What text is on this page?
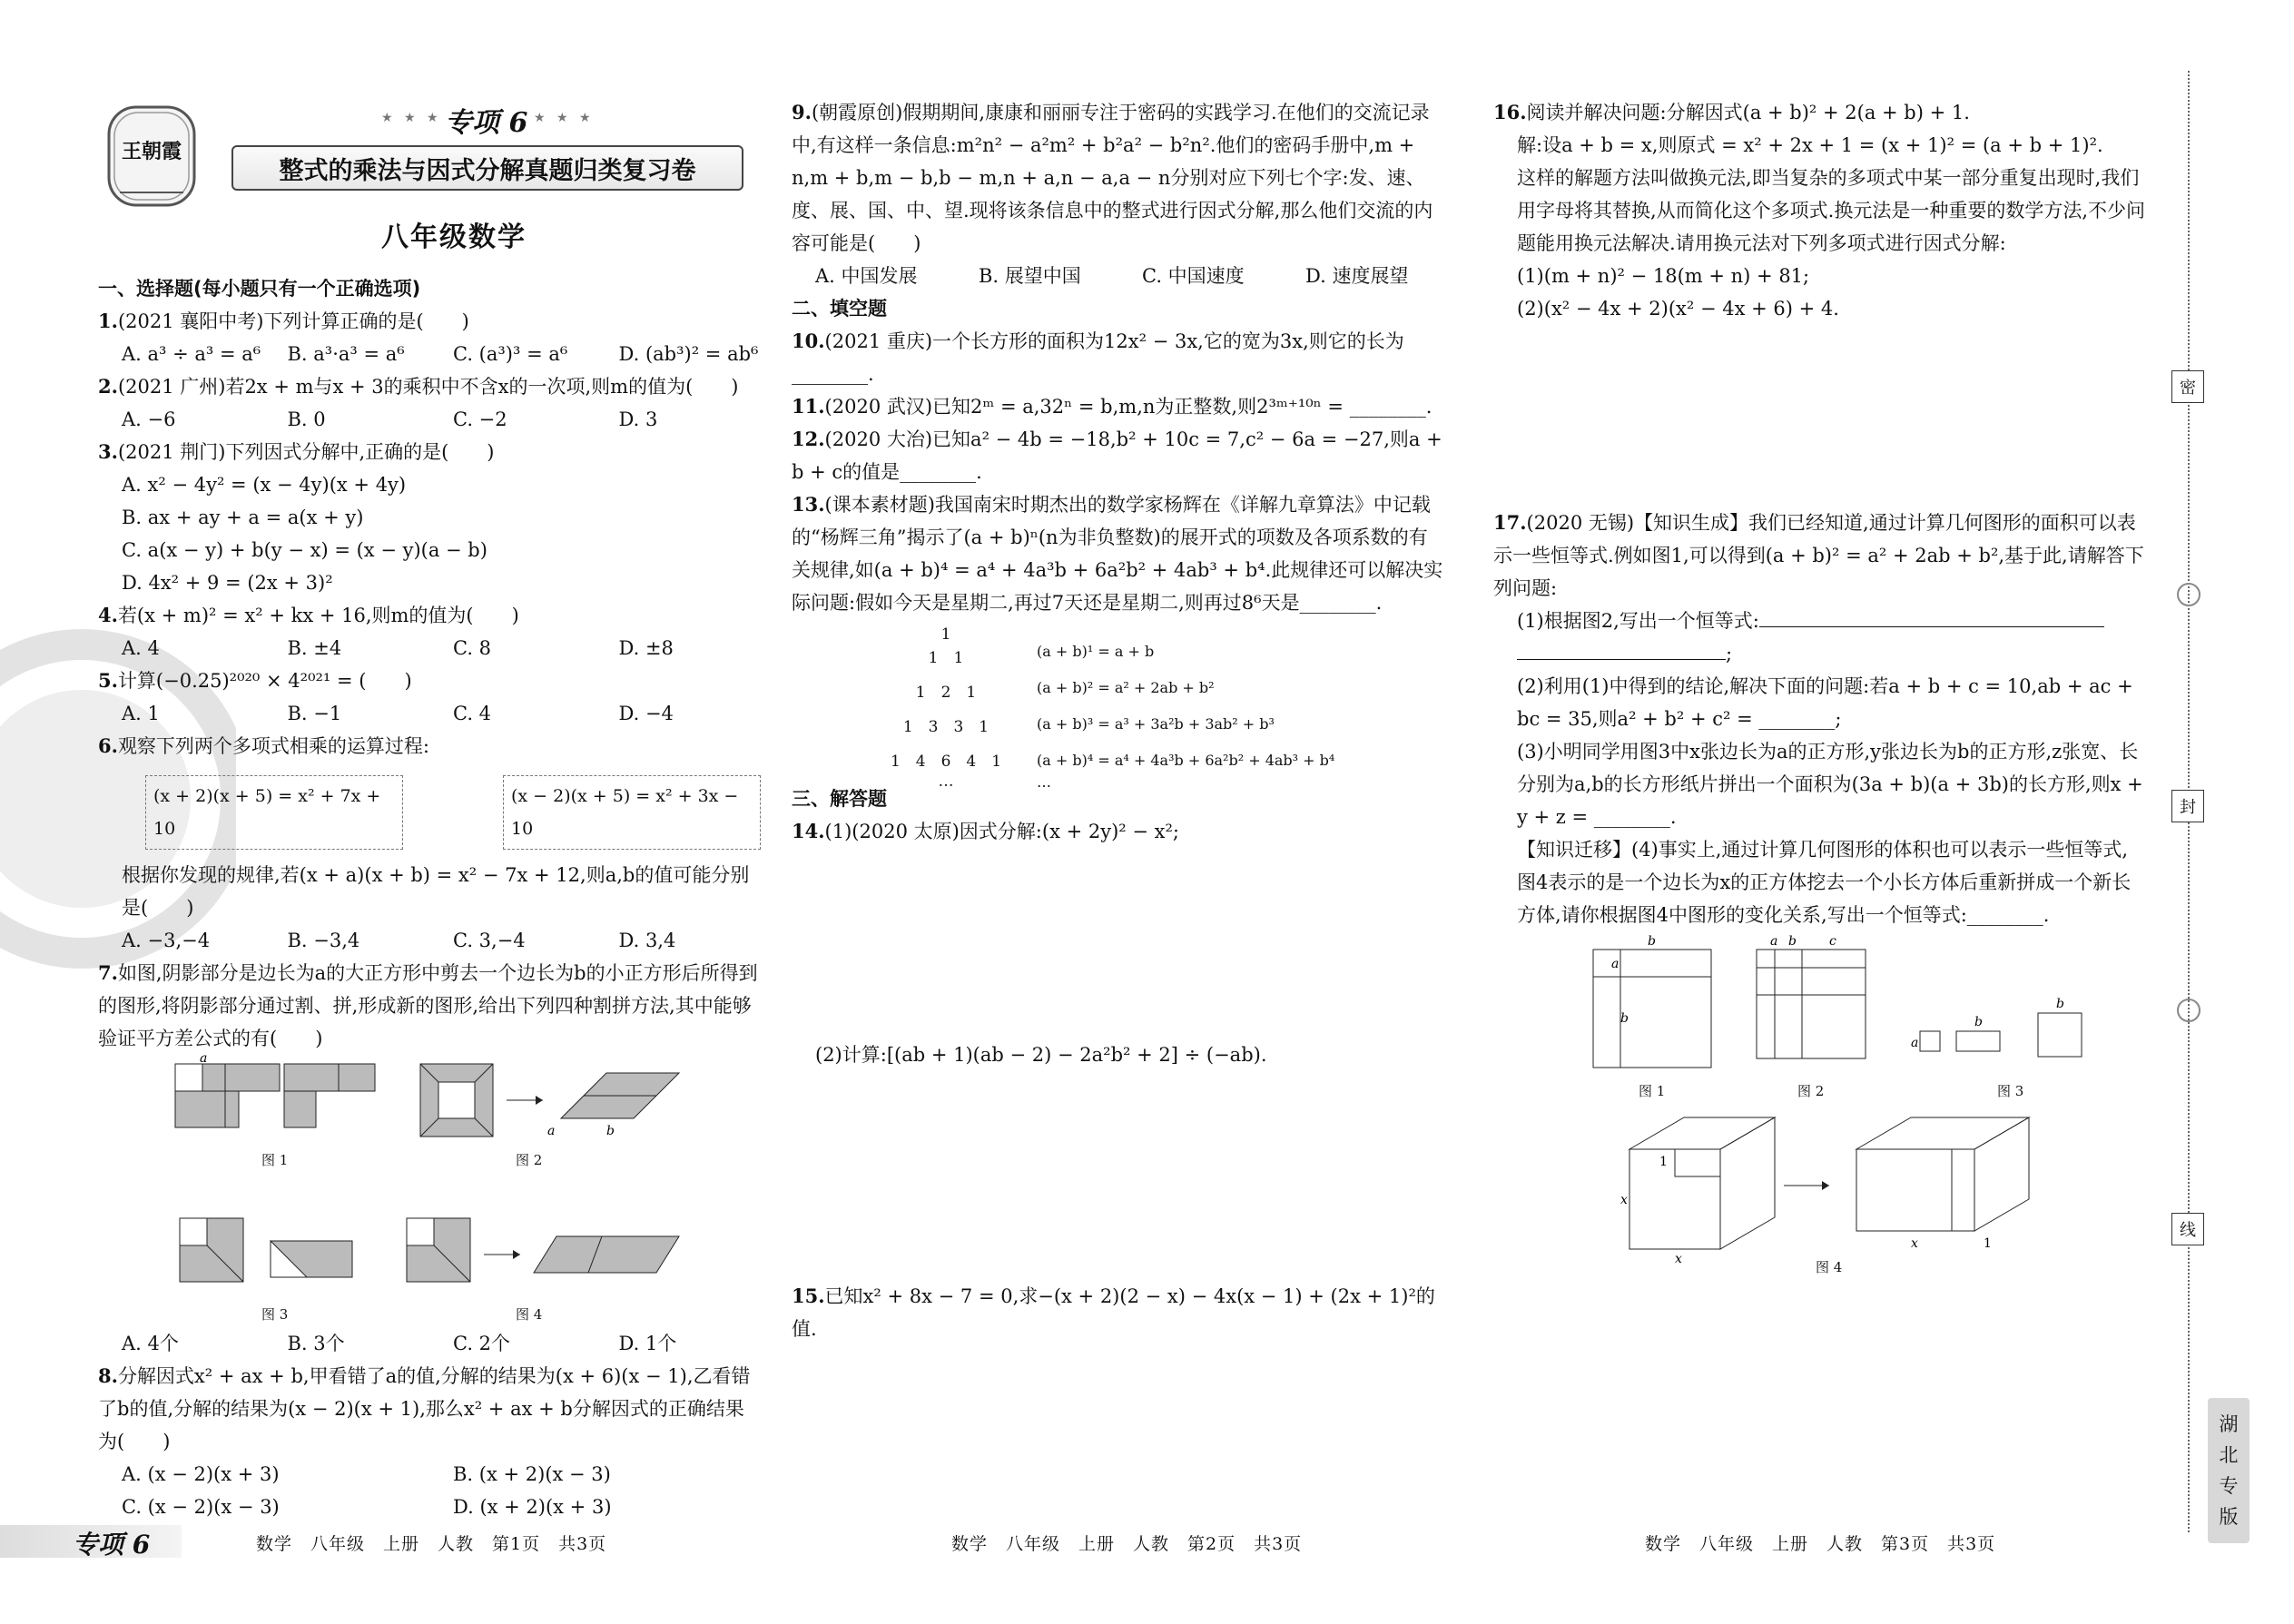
王朝霞
★ ★ ★ 专项 6 ★ ★ ★
整式的乘法与因式分解真题归类复习卷
八年级数学

一、选择题(每小题只有一个正确选项)

1.(2021 襄阳中考)下列计算正确的是(　　)

A. a³ ÷ a³ = a⁶	B. a³·a³ = a⁶	C. (a³)³ = a⁶	D. (ab³)² = ab⁶

2.(2021 广州)若2x + m与x + 3的乘积中不含x的一次项,则m的值为(　　)

A. −6	B. 0	C. −2	D. 3

3.(2021 荆门)下列因式分解中,正确的是(　　)

A. x² − 4y² = (x − 4y)(x + 4y)

B. ax + ay + a = a(x + y)

C. a(x − y) + b(y − x) = (x − y)(a − b)

D. 4x² + 9 = (2x + 3)²

4.若(x + m)² = x² + kx + 16,则m的值为(　　)

A. 4	B. ±4	C. 8	D. ±8

5.计算(−0.25)²⁰²⁰ × 4²⁰²¹ = (　　)

A. 1	B. −1	C. 4	D. −4

6.观察下列两个多项式相乘的运算过程:

(x + 2)(x + 5) = x² + 7x + 10
(x − 2)(x + 5) = x² + 3x − 10

根据你发现的规律,若(x + a)(x + b) = x² − 7x + 12,则a,b的值可能分别是(　　)

A. −3,−4	B. −3,4	C. 3,−4	D. 3,4

7.如图,阴影部分是边长为a的大正方形中剪去一个边长为b的小正方形后所得到的图形,将阴影部分通过割、拼,形成新的图形,给出下列四种割拼方法,其中能够验证平方差公式的有(　　)

a
a	b
图 1	图 2
图 3	图 4
A. 4个	B. 3个	C. 2个	D. 1个

8.分解因式x² + ax + b,甲看错了a的值,分解的结果为(x + 6)(x − 1),乙看错了b的值,分解的结果为(x − 2)(x + 1),那么x² + ax + b分解因式的正确结果为(　　)

A. (x − 2)(x + 3)	B. (x + 2)(x − 3)
C. (x − 2)(x − 3)	D. (x + 2)(x + 3)

9.(朝霞原创)假期期间,康康和丽丽专注于密码的实践学习.在他们的交流记录中,有这样一条信息:m²n² − a²m² + b²a² − b²n².他们的密码手册中,m + n,m + b,m − b,b − m,n + a,n − a,a − n分别对应下列七个字:发、速、度、展、国、中、望.现将该条信息中的整式进行因式分解,那么他们交流的内容可能是(　　)

A. 中国发展	B. 展望中国	C. 中国速度	D. 速度展望

二、填空题

10.(2021 重庆)一个长方形的面积为12x² − 3x,它的宽为3x,则它的长为________.

11.(2020 武汉)已知2ᵐ = a,32ⁿ = b,m,n为正整数,则2³ᵐ⁺¹⁰ⁿ = ________.

12.(2020 大冶)已知a² − 4b = −18,b² + 10c = 7,c² − 6a = −27,则a + b + c的值是________.

13.(课本素材题)我国南宋时期杰出的数学家杨辉在《详解九章算法》中记载的“杨辉三角”揭示了(a + b)ⁿ(n为非负整数)的展开式的项数及各项系数的有关规律,如(a + b)⁴ = a⁴ + 4a³b + 6a²b² + 4ab³ + b⁴.此规律还可以解决实际问题:假如今天是星期二,再过7天还是星期二,则再过8⁶天是________.

1
1　1
1　2　1
1　3　3　1
1　4　6　4　1
…
(a + b)¹ = a + b
(a + b)² = a² + 2ab + b²
(a + b)³ = a³ + 3a²b + 3ab² + b³
(a + b)⁴ = a⁴ + 4a³b + 6a²b² + 4ab³ + b⁴
…

三、解答题

14.(1)(2020 太原)因式分解:(x + 2y)² − x²;

(2)计算:[(ab + 1)(ab − 2) − 2a²b² + 2] ÷ (−ab).

15.已知x² + 8x − 7 = 0,求−(x + 2)(2 − x) − 4x(x − 1) + (2x + 1)²的值.

16.阅读并解决问题:分解因式(a + b)² + 2(a + b) + 1.

解:设a + b = x,则原式 = x² + 2x + 1 = (x + 1)² = (a + b + 1)².

这样的解题方法叫做换元法,即当复杂的多项式中某一部分重复出现时,我们用字母将其替换,从而简化这个多项式.换元法是一种重要的数学方法,不少问题能用换元法解决.请用换元法对下列多项式进行因式分解:

(1)(m + n)² − 18(m + n) + 81;

(2)(x² − 4x + 2)(x² − 4x + 6) + 4.

17.(2020 无锡)【知识生成】我们已经知道,通过计算几何图形的面积可以表示一些恒等式.例如图1,可以得到(a + b)² = a² + 2ab + b²,基于此,请解答下列问题:

(1)根据图2,写出一个恒等式:

;

(2)利用(1)中得到的结论,解决下面的问题:若a + b + c = 10,ab + ac + bc = 35,则a² + b² + c² = ________;

(3)小明同学用图3中x张边长为a的正方形,y张边长为b的正方形,z张宽、长分别为a,b的长方形纸片拼出一个面积为(3a + b)(a + 3b)的长方形,则x + y + z = ________.

【知识迁移】(4)事实上,通过计算几何图形的体积也可以表示一些恒等式,图4表示的是一个边长为x的正方体挖去一个小长方体后重新拼成一个新长方体,请你根据图4中图形的变化关系,写出一个恒等式:________.

b
b
a
a b	c
a
b
b
x
x
x
1
1
图 1	图 2	图 3
图 4
专项 6	数学　八年级　上册　人教　第1页　共3页	数学　八年级　上册　人教　第2页　共3页	数学　八年级　上册　人教　第3页　共3页
密
封
线
湖北专版
